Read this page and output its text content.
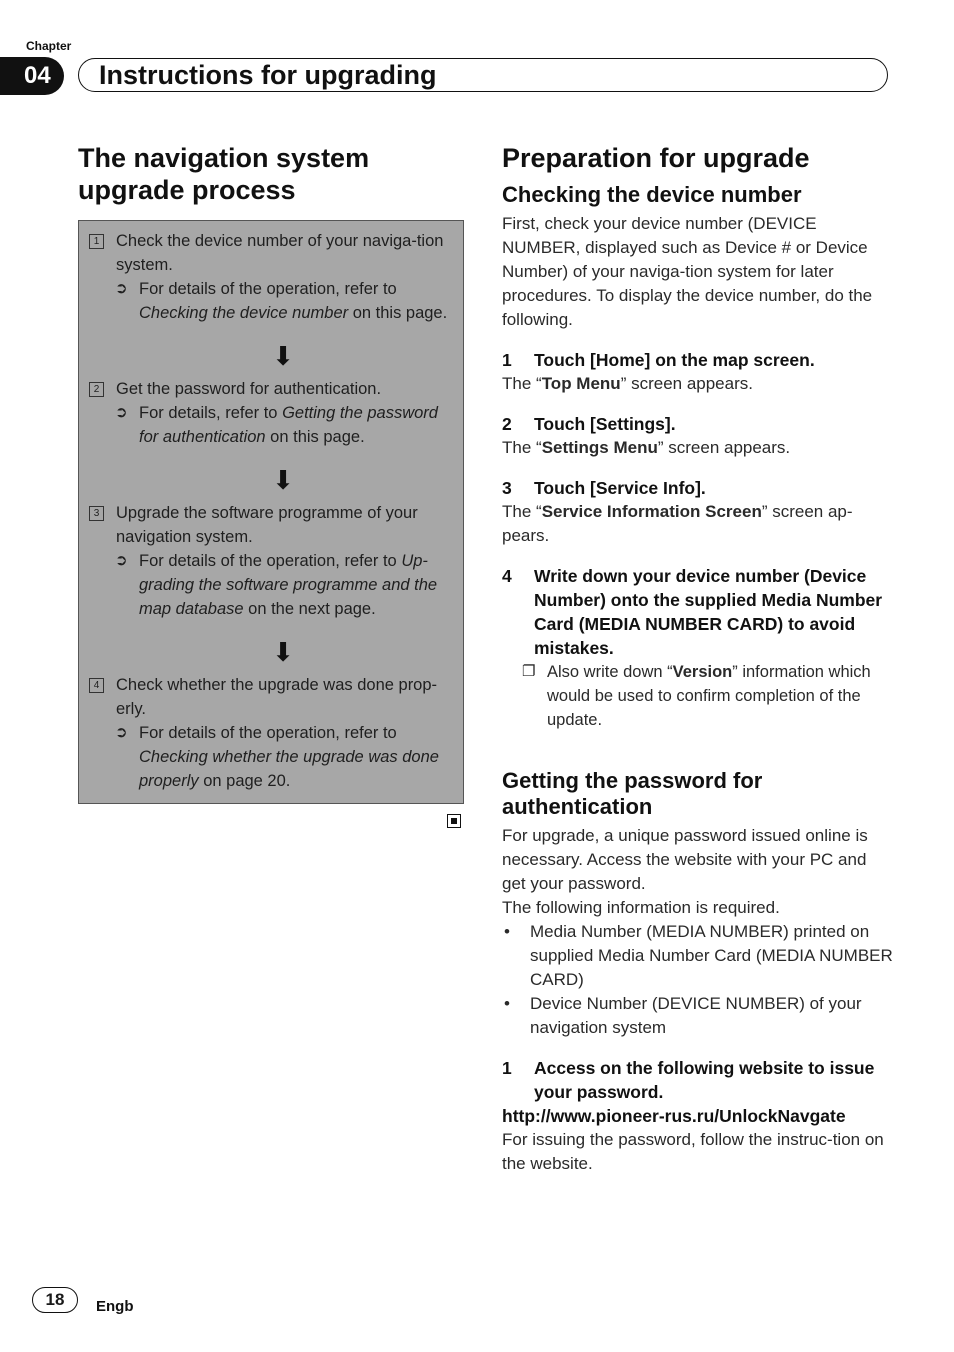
Chapter
04	Instructions for upgrading
The navigation system upgrade process
1 Check the device number of your naviga-tion system.
➲ For details of the operation, refer to Checking the device number on this page.
⬇
2 Get the password for authentication.
➲ For details, refer to Getting the password for authentication on this page.
⬇
3 Upgrade the software programme of your navigation system.
➲ For details of the operation, refer to Up-grading the software programme and the map database on the next page.
⬇
4 Check whether the upgrade was done prop-erly.
➲ For details of the operation, refer to Checking whether the upgrade was done properly on page 20.
Preparation for upgrade
Checking the device number

First, check your device number (DEVICE NUMBER, displayed such as Device # or Device Number) of your naviga-tion system for later procedures. To display the device number, do the following.

1	Touch [Home] on the map screen.

The “Top Menu” screen appears.

2	Touch [Settings].

The “Settings Menu” screen appears.

3	Touch [Service Info].

The “Service Information Screen” screen ap-pears.

4	Write down your device number (Device Number) onto the supplied Media Number Card (MEDIA NUMBER CARD) to avoid mistakes.
❐ Also write down “Version” information which would be used to confirm completion of the update.
Getting the password for authentication

For upgrade, a unique password issued online is necessary. Access the website with your PC and get your password.

The following information is required.

•	Media Number (MEDIA NUMBER) printed on supplied Media Number Card (MEDIA NUMBER CARD)
•	Device Number (DEVICE NUMBER) of your navigation system
1	Access on the following website to issue your password.

http://www.pioneer-rus.ru/UnlockNavgate

For issuing the password, follow the instruc-tion on the website.

18	Engb
